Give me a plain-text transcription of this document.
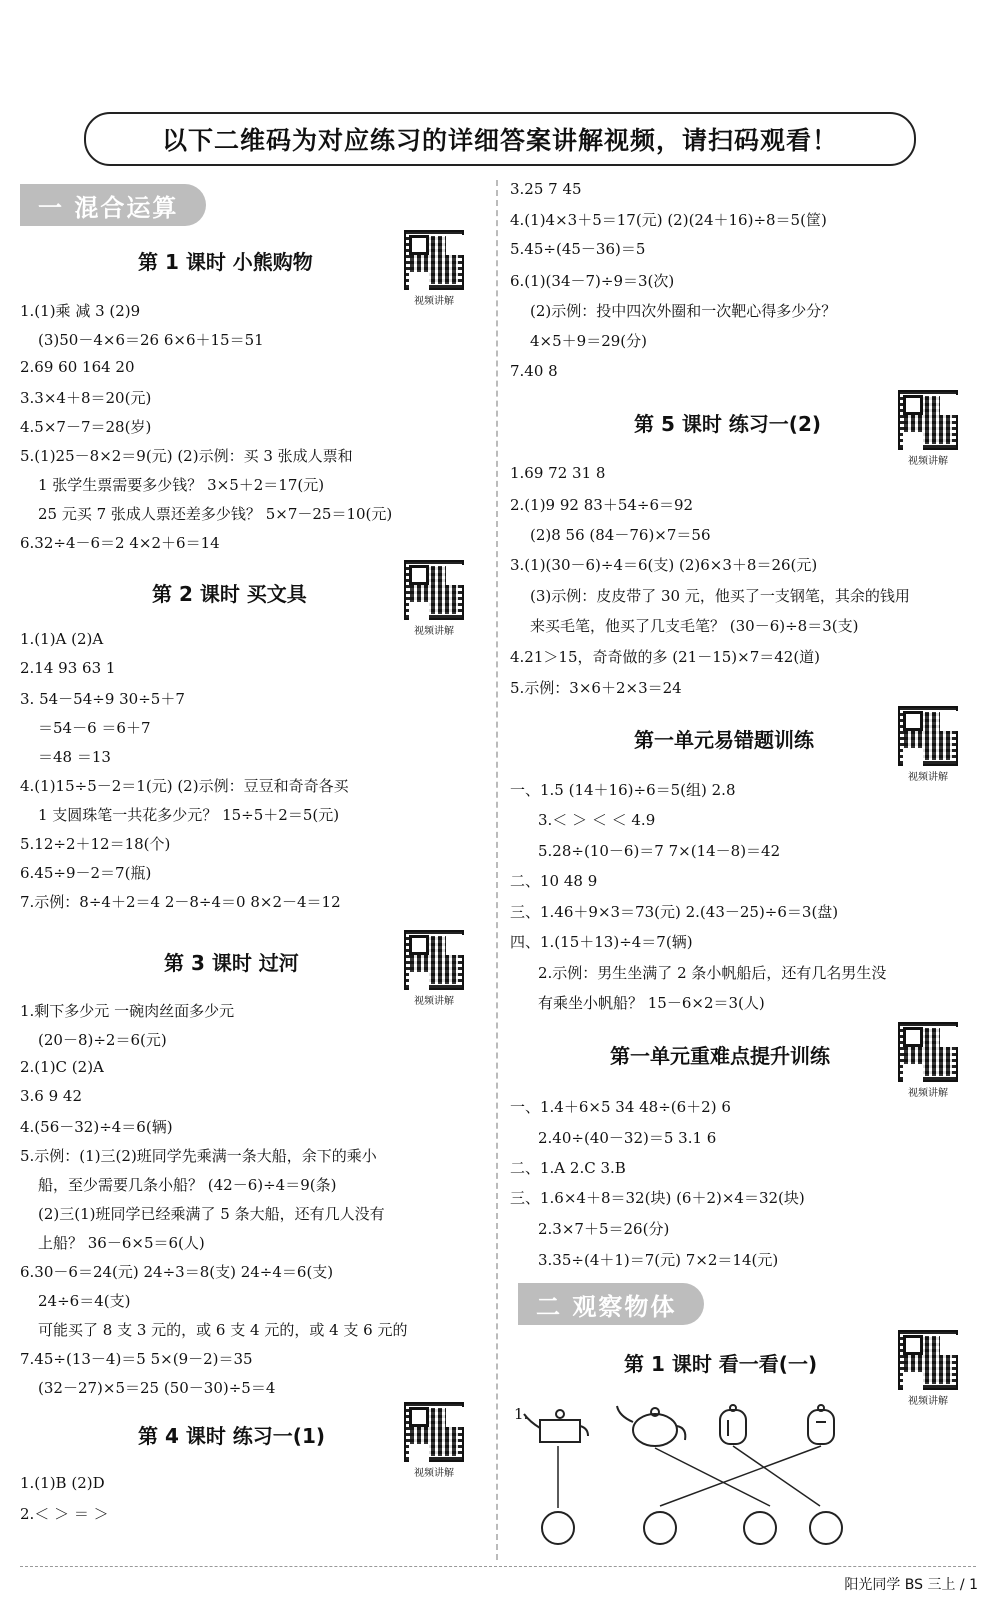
以下二维码为对应练习的详细答案讲解视频，请扫码观看！
一 混合运算
第 1 课时 小熊购物
视频讲解
1.(1)乘 减 3 (2)9
(3)50－4×6＝26 6×6＋15＝51
2.69 60 164 20
3.3×4＋8＝20(元)
4.5×7－7＝28(岁)
5.(1)25－8×2＝9(元) (2)示例：买 3 张成人票和
1 张学生票需要多少钱？ 3×5＋2＝17(元)
25 元买 7 张成人票还差多少钱？ 5×7－25＝10(元)
6.32÷4－6＝2 4×2＋6＝14
第 2 课时 买文具
视频讲解
1.(1)A (2)A
2.14 93 63 1
3. 54－54÷9 30÷5＋7
＝54－6 ＝6＋7
＝48 ＝13
4.(1)15÷5－2＝1(元) (2)示例：豆豆和奇奇各买
1 支圆珠笔一共花多少元？ 15÷5＋2＝5(元)
5.12÷2＋12＝18(个)
6.45÷9－2＝7(瓶)
7.示例：8÷4＋2＝4 2－8÷4＝0 8×2－4＝12
第 3 课时 过河
视频讲解
1.剩下多少元 一碗肉丝面多少元
(20－8)÷2＝6(元)
2.(1)C (2)A
3.6 9 42
4.(56－32)÷4＝6(辆)
5.示例：(1)三(2)班同学先乘满一条大船，余下的乘小
船，至少需要几条小船？ (42－6)÷4＝9(条)
(2)三(1)班同学已经乘满了 5 条大船，还有几人没有
上船？ 36－6×5＝6(人)
6.30－6＝24(元) 24÷3＝8(支) 24÷4＝6(支)
24÷6＝4(支)
可能买了 8 支 3 元的，或 6 支 4 元的，或 4 支 6 元的
7.45÷(13－4)＝5 5×(9－2)＝35
(32－27)×5＝25 (50－30)÷5＝4
第 4 课时 练习一(1)
视频讲解
1.(1)B (2)D
2.＜ ＞ ＝ ＞
3.25 7 45
4.(1)4×3＋5＝17(元) (2)(24＋16)÷8＝5(筐)
5.45÷(45－36)＝5
6.(1)(34－7)÷9＝3(次)
(2)示例：投中四次外圈和一次靶心得多少分？
4×5＋9＝29(分)
7.40 8
第 5 课时 练习一(2)
视频讲解
1.69 72 31 8
2.(1)9 92 83＋54÷6＝92
(2)8 56 (84－76)×7＝56
3.(1)(30－6)÷4＝6(支) (2)6×3＋8＝26(元)
(3)示例：皮皮带了 30 元，他买了一支钢笔，其余的钱用
来买毛笔，他买了几支毛笔？ (30－6)÷8＝3(支)
4.21＞15，奇奇做的多 (21－15)×7＝42(道)
5.示例：3×6＋2×3＝24
第一单元易错题训练
视频讲解
一、1.5 (14＋16)÷6＝5(组) 2.8
3.＜ ＞ ＜ ＜ 4.9
5.28÷(10－6)＝7 7×(14－8)＝42
二、10 48 9
三、1.46＋9×3＝73(元) 2.(43－25)÷6＝3(盘)
四、1.(15＋13)÷4＝7(辆)
2.示例：男生坐满了 2 条小帆船后，还有几名男生没
有乘坐小帆船？ 15－6×2＝3(人)
第一单元重难点提升训练
视频讲解
一、1.4＋6×5 34 48÷(6＋2) 6
2.40÷(40－32)＝5 3.1 6
二、1.A 2.C 3.B
三、1.6×4＋8＝32(块) (6＋2)×4＝32(块)
2.3×7＋5＝26(分)
3.35÷(4＋1)＝7(元) 7×2＝14(元)
二 观察物体
第 1 课时 看一看(一)
视频讲解
1.
阳光同学 BS 三上 / 1
